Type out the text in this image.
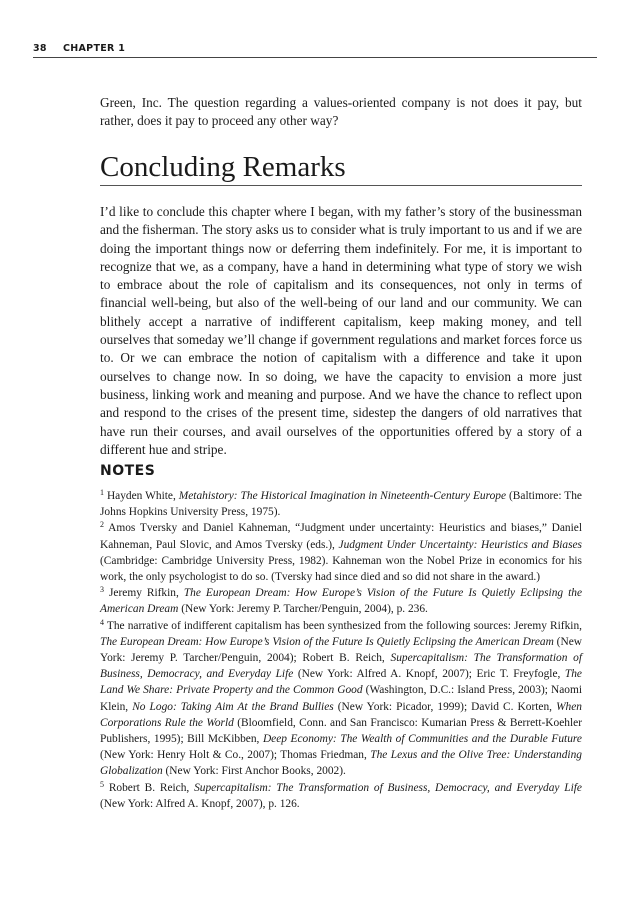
38 CHAPTER 1

Green, Inc. The question regarding a values-oriented company is not does it pay, but rather, does it pay to proceed any other way?

Concluding Remarks

I’d like to conclude this chapter where I began, with my father’s story of the businessman and the fisherman. The story asks us to consider what is truly important to us and if we are doing the important things now or deferring them indefinitely. For me, it is important to recognize that we, as a company, have a hand in determining what type of story we wish to embrace about the role of capitalism and its consequences, not only in terms of financial well-being, but also of the well-being of our land and our community. We can blithely accept a narrative of indifferent capitalism, keep making money, and tell ourselves that someday we’ll change if government regulations and market forces force us to. Or we can embrace the notion of capitalism with a difference and take it upon ourselves to change now. In so doing, we have the capacity to envision a more just business, linking work and meaning and purpose. And we have the chance to reflect upon and respond to the crises of the present time, sidestep the dangers of old narratives that have run their courses, and avail ourselves of the opportunities offered by a story of a different hue and stripe.

NOTES

$^1$ Hayden White, Metahistory: The Historical Imagination in Nineteenth-Century Europe (Baltimore: The Johns Hopkins University Press, 1975).

$^2$ Amos Tversky and Daniel Kahneman, “Judgment under uncertainty: Heuristics and biases,” Daniel Kahneman, Paul Slovic, and Amos Tversky (eds.), Judgment Under Uncertainty: Heuristics and Biases (Cambridge: Cambridge University Press, 1982). Kahneman won the Nobel Prize in economics for his work, the only psychologist to do so. (Tversky had since died and so did not share in the award.)

$^3$ Jeremy Rifkin, The European Dream: How Europe’s Vision of the Future Is Quietly Eclipsing the American Dream (New York: Jeremy P. Tarcher/Penguin, 2004), p. 236.

$^4$ The narrative of indifferent capitalism has been synthesized from the following sources: Jeremy Rifkin, The European Dream: How Europe’s Vision of the Future Is Quietly Eclipsing the American Dream (New York: Jeremy P. Tarcher/Penguin, 2004); Robert B. Reich, Supercapitalism: The Transformation of Business, Democracy, and Everyday Life (New York: Alfred A. Knopf, 2007); Eric T. Freyfogle, The Land We Share: Private Property and the Common Good (Washington, D.C.: Island Press, 2003); Naomi Klein, No Logo: Taking Aim At the Brand Bullies (New York: Picador, 1999); David C. Korten, When Corporations Rule the World (Bloomfield, Conn. and San Francisco: Kumarian Press & Berrett-Koehler Publishers, 1995); Bill McKibben, Deep Economy: The Wealth of Communities and the Durable Future (New York: Henry Holt & Co., 2007); Thomas Friedman, The Lexus and the Olive Tree: Understanding Globalization (New York: First Anchor Books, 2002).

$^5$ Robert B. Reich, Supercapitalism: The Transformation of Business, Democracy, and Everyday Life (New York: Alfred A. Knopf, 2007), p. 126.
